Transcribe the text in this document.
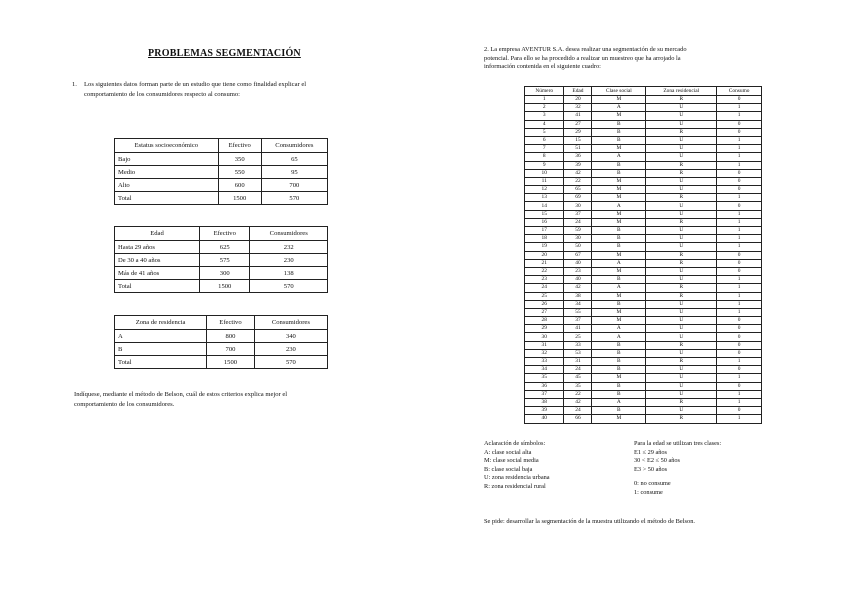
PROBLEMAS SEGMENTACIÓN
1. Los siguientes datos forman parte de un estudio que tiene como finalidad explicar el
comportamiento de los consumidores respecto al consumo:
Estatus socioeconómico	Efectivo	Consumidores
Bajo	350	65
Medio	550	95
Alto	600	700
Total	1500	570
Edad	Efectivo	Consumidores
Hasta 29 años	625	232
De 30 a 40 años	575	230
Más de 41 años	300	138
Total	1500	570
Zona de residencia	Efectivo	Consumidores
A	800	340
B	700	230
Total	1500	570
Indíquese, mediante el método de Belson, cuál de estos criterios explica mejor el
comportamiento de los consumidores.
2. La empresa AVENTUR S.A. desea realizar una segmentación de su mercado
potencial. Para ello se ha procedido a realizar un muestreo que ha arrojado la
información contenida en el siguiente cuadro:
Número	Edad	Clase social	Zona residencial	Consumo
1	20	M	R	0
2	32	A	U	1
3	41	M	U	1
4	27	B	U	0
5	29	B	R	0
6	15	B	U	1
7	51	M	U	1
8	36	A	U	1
9	39	B	R	1
10	42	B	R	0
11	22	M	U	0
12	65	M	U	0
13	69	M	R	1
14	30	A	U	0
15	37	M	U	1
16	24	M	R	1
17	59	B	U	1
18	30	B	U	1
19	50	B	U	1
20	67	M	R	0
21	40	A	R	0
22	23	M	U	0
23	40	B	U	1
24	42	A	R	1
25	38	M	R	1
26	34	B	U	1
27	55	M	U	1
28	37	M	U	0
29	41	A	U	0
30	25	A	U	0
31	33	B	R	0
32	53	B	U	0
33	31	B	R	1
34	24	B	U	0
35	45	M	U	1
36	35	B	U	0
37	22	B	U	1
38	42	A	R	1
39	24	B	U	0
40	66	M	R	1
Aclaración de símbolos:
A: clase social alta
M: clase social media
B: clase social baja
U: zona residencia urbana
R: zona residencial rural
Para la edad se utilizan tres clases:
E1 ≤ 29 años
30 < E2 ≤ 50 años
E3 > 50 años
0: no consume
1: consume
Se pide: desarrollar la segmentación de la muestra utilizando el método de Belson.
